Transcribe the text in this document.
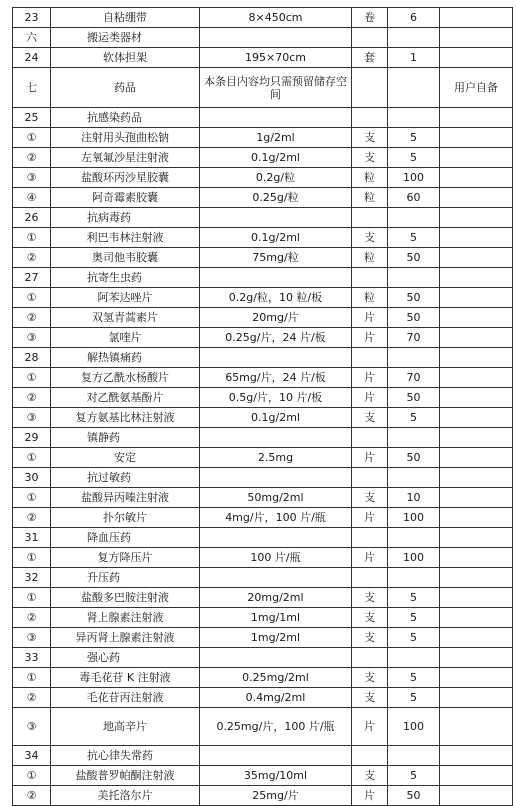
23	自粘绷带	8×450cm	卷	6	
六	搬运类器材				
24	软体担架	195×70cm	套	1	
七	药品	本条目内容均只需预留储存空间			用户自备
25	抗感染药品				
①	注射用头孢曲松钠	1g/2ml	支	5	
②	左氧氟沙星注射液	0.1g/2ml	支	5	
③	盐酸环丙沙星胶囊	0.2g/粒	粒	100	
④	阿奇霉素胶囊	0.25g/粒	粒	60	
26	抗病毒药				
①	利巴韦林注射液	0.1g/2ml	支	5	
②	奥司他韦胶囊	75mg/粒	粒	50	
27	抗寄生虫药				
①	阿苯达唑片	0.2g/粒，10 粒/板	粒	50	
②	双氢青蒿素片	20mg/片	片	50	
③	氯喹片	0.25g/片，24 片/板	片	70	
28	解热镇痛药				
①	复方乙酰水杨酸片	65mg/片，24 片/板	片	70	
②	对乙酰氨基酚片	0.5g/片，10 片/板	片	50	
③	复方氨基比林注射液	0.1g/2ml	支	5	
29	镇静药				
①	安定	2.5mg	片	50	
30	抗过敏药				
①	盐酸异丙嗪注射液	50mg/2ml	支	10	
②	扑尔敏片	4mg/片，100 片/瓶	片	100	
31	降血压药				
①	复方降压片	100 片/瓶	片	100	
32	升压药				
①	盐酸多巴胺注射液	20mg/2ml	支	5	
②	肾上腺素注射液	1mg/1ml	支	5	
③	异丙肾上腺素注射液	1mg/2ml	支	5	
33	强心药				
①	毒毛花苷 K 注射液	0.25mg/2ml	支	5	
②	毛花苷丙注射液	0.4mg/2ml	支	5	
③	地高辛片	0.25mg/片，100 片/瓶	片	100	
34	抗心律失常药				
①	盐酸普罗帕酮注射液	35mg/10ml	支	5	
②	美托洛尔片	25mg/片	片	50	
